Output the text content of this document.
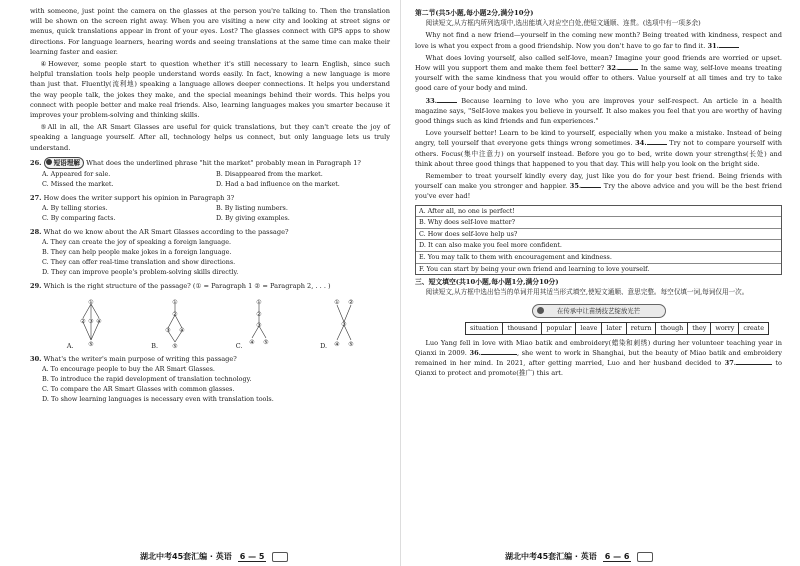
with someone, just point the camera on the glasses at the person you're talking to. Then the translation will be shown on the screen right away. When you are visiting a new city and looking at street signs or menus, quick translations appear in front of your eyes. Lost? The glasses connect with GPS apps to show directions. For language learners, hearing words and seeing translations at the same time can make their learning faster and easier.

④However, some people start to question whether it's still necessary to learn English, since such helpful translation tools help people understand words easily. In fact, knowing a new language is more than just that. Fluently(流利地) speaking a language allows deeper connections. It helps you understand the way people talk, the jokes they make, and the special meanings behind their words. This helps you connect with people better and make real friends. Also, learning languages makes you smarter because it improves your problem-solving and thinking skills.

⑤All in all, the AR Smart Glasses are useful for quick translations, but they can't create the joy of speaking a language yourself. After all, technology helps us connect, but only language lets us truly understand.

26. 短语理解 What does the underlined phrase "hit the market" probably mean in Paragraph 1?
A. Appeared for sale.	B. Disappeared from the market.
C. Missed the market.	D. Had a bad influence on the market.
27. How does the writer support his opinion in Paragraph 3?
A. By telling stories.	B. By listing numbers.
C. By comparing facts.	D. By giving examples.
28. What do we know about the AR Smart Glasses according to the passage?
A. They can create the joy of speaking a foreign language.
B. They can help people make jokes in a foreign language.
C. They can offer real-time translation and show directions.
D. They can improve people's problem-solving skills directly.
29. Which is the right structure of the passage? (① = Paragraph 1 ② = Paragraph 2, . . . )
A.
①
② ③ ④
⑤	B.
①
②
③ ④
⑤	C.
①
②
③
④ ⑤	D.
① ②
③
④ ⑤
30. What's the writer's main purpose of writing this passage?
A. To encourage people to buy the AR Smart Glasses.
B. To introduce the rapid development of translation technology.
C. To compare the AR Smart Glasses with common glasses.
D. To show learning languages is necessary even with translation tools.
湖北中考45套汇编 · 英语 6 — 5
第二节(共5小题,每小题2分,满分10分)

阅读短文,从方框内所列选项中,选出能填入对应空白处,使短文通顺、连贯。(选项中有一项多余)

Why not find a new friend—yourself in the coming new month? Being treated with kindness, respect and love is what you expect from a good friendship. Now you don't have to go far to find it. 31.

What does loving yourself, also called self-love, mean? Imagine your good friends are worried or upset. How will you support them and make them feel better? 32.	In the same way, self-love means treating yourself with the same kindness that you would offer to others. Value yourself at all times and try to take good care of your body and mind.

33.	Because learning to love who you are improves your self-respect. An article in a health magazine says, "Self-love makes you believe in yourself. It also makes you feel that you are worthy of having good things such as kind friends and fun experiences."

Love yourself better! Learn to be kind to yourself, especially when you make a mistake. Instead of being angry, tell yourself that everyone gets things wrong sometimes. 34.	Try not to compare yourself with others. Focus(集中注意力) on yourself instead. Before you go to bed, write down your strengths(长处) and think about three good things that happened to you that day. This will help you look on the bright side.

Remember to treat yourself kindly every day, just like you do for your best friend. Being friends with yourself can make you stronger and happier. 35.	Try the above advice and you will be the best friend you've ever had!

A. After all, no one is perfect!
B. Why does self-love matter?
C. How does self-love help us?
D. It can also make you feel more confident.
E. You may talk to them with encouragement and kindness.
F. You can start by being your own friend and learning to love yourself.
三、短文填空(共10小题,每小题1分,满分10分)

阅读短文,从方框中选出恰当的单词并用其适当形式填空,使短文通顺、意思完整。每空仅填一词,每词仅用一次。

在传承中让苗绣技艺绽放光芒
situation	thousand	popular	leave	later	return	though	they	worry	create

Luo Yang fell in love with Miao batik and embroidery(蜡染和刺绣) during her volunteer teaching year in Qianxi in 2009. 36.	, she went to work in Shanghai, but the beauty of Miao batik and embroidery remained in her mind. In 2021, after getting married, Luo and her husband decided to 37.	to Qianxi to protect and promote(推广) this art.

湖北中考45套汇编 · 英语 6 — 6
